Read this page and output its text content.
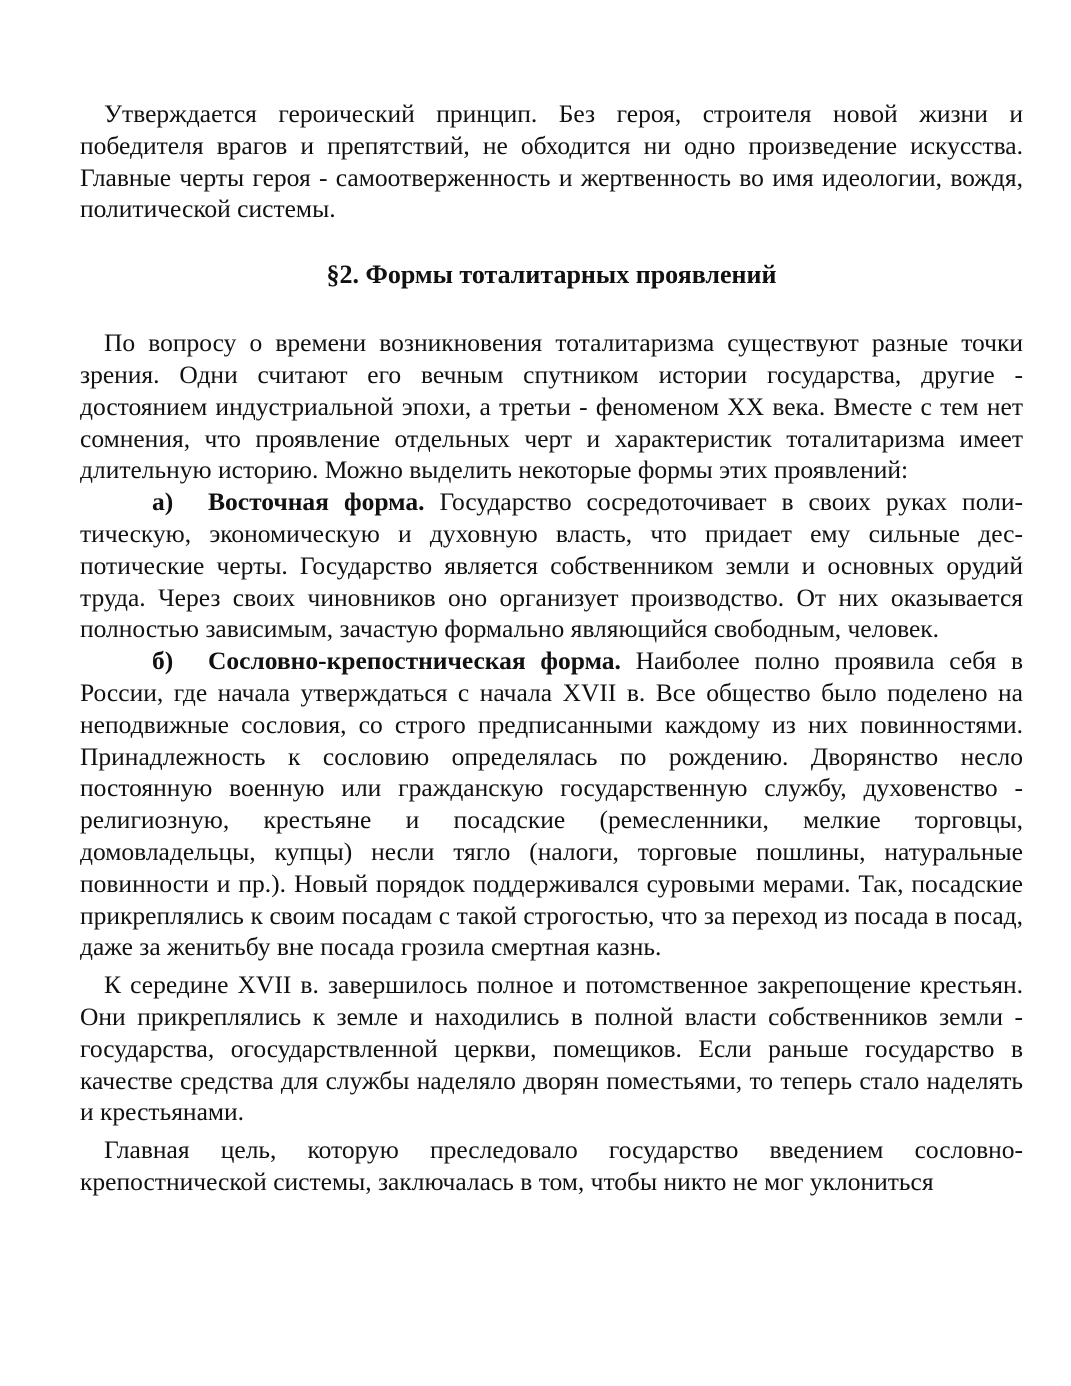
Утверждается героический принцип. Без героя, строителя новой жизни и победителя врагов и препятствий, не обходится ни одно произведение искусства. Главные черты героя - самоотверженность и жертвенность во имя идеологии, вождя, политической системы.

§2. Формы тоталитарных проявлений

По вопросу о времени возникновения тоталитаризма существуют разные точки зрения. Одни считают его вечным спутником истории государства, другие - достоянием индустриальной эпохи, а третьи - феноменом XX века. Вместе с тем нет сомнения, что проявление отдельных черт и характеристик тоталитаризма имеет длительную историю. Можно выделить некоторые формы этих проявлений:

а) Восточная форма. Государство сосредоточивает в своих руках политическую, экономическую и духовную власть, что придает ему сильные деспотические черты. Государство является собственником земли и основных орудий труда. Через своих чиновников оно организует производство. От них оказывается полностью зависимым, зачастую формально являющийся свободным, человек.

б) Сословно-крепостническая форма. Наиболее полно проявила себя в России, где начала утверждаться с начала XVII в. Все общество было поделено на неподвижные сословия, со строго предписанными каждому из них повинностями. Принадлежность к сословию определялась по рождению. Дворянство несло постоянную военную или гражданскую государственную службу, духовенство - религиозную, крестьяне и посадские (ремесленники, мелкие торговцы, домовладельцы, купцы) несли тягло (налоги, торговые пошлины, натуральные повинности и пр.). Новый порядок поддерживался суровыми мерами. Так, посадские прикреплялись к своим посадам с такой строгостью, что за переход из посада в посад, даже за женитьбу вне посада грозила смертная казнь.

К середине XVII в. завершилось полное и потомственное закрепощение крестьян. Они прикреплялись к земле и находились в полной власти собственников земли - государства, огосударствленной церкви, помещиков. Если раньше государство в качестве средства для службы наделяло дворян поместьями, то теперь стало наделять и крестьянами.

Главная цель, которую преследовало государство введением сословно-крепостнической системы, заключалась в том, чтобы никто не мог уклониться
